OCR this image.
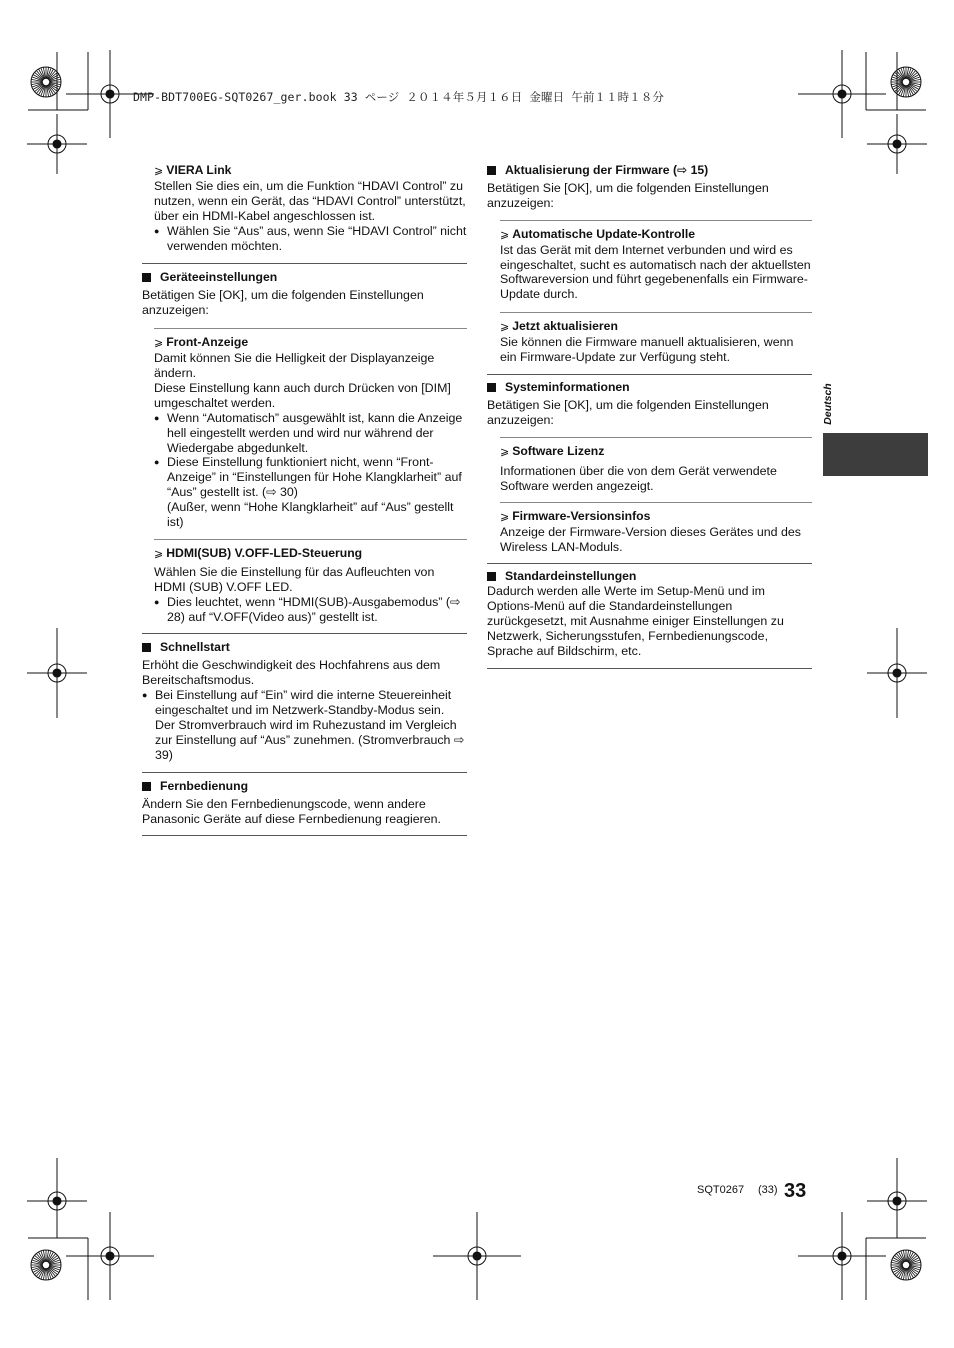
DMP-BDT700EG-SQT0267_ger.book 33 ページ ２０１４年５月１６日 金曜日 午前１１時１８分
Deutsch
⩾ VIERA Link

Stellen Sie dies ein, um die Funktion “HDAVI Control” zu nutzen, wenn ein Gerät, das “HDAVI Control” unterstützt, über ein HDMI-Kabel angeschlossen ist.

● Wählen Sie “Aus” aus, wenn Sie “HDAVI Control” nicht verwenden möchten.
Geräteeinstellungen

Betätigen Sie [OK], um die folgenden Einstellungen anzuzeigen:

⩾ Front-Anzeige

Damit können Sie die Helligkeit der Displayanzeige ändern.

Diese Einstellung kann auch durch Drücken von [DIM] umgeschaltet werden.

● Wenn “Automatisch” ausgewählt ist, kann die Anzeige hell eingestellt werden und wird nur während der Wiedergabe abgedunkelt.
● Diese Einstellung funktioniert nicht, wenn “Front-Anzeige” in “Einstellungen für Hohe Klangklarheit” auf “Aus” gestellt ist. (⇨ 30)
(Außer, wenn “Hohe Klangklarheit” auf “Aus” gestellt ist)
⩾ HDMI(SUB) V.OFF-LED-Steuerung

Wählen Sie die Einstellung für das Aufleuchten von HDMI (SUB) V.OFF LED.

● Dies leuchtet, wenn “HDMI(SUB)-Ausgabemodus” (⇨ 28) auf “V.OFF(Video aus)” gestellt ist.
Schnellstart

Erhöht die Geschwindigkeit des Hochfahrens aus dem Bereitschaftsmodus.

● Bei Einstellung auf “Ein” wird die interne Steuereinheit eingeschaltet und im Netzwerk-Standby-Modus sein. Der Stromverbrauch wird im Ruhezustand im Vergleich zur Einstellung auf “Aus” zunehmen. (Stromverbrauch ⇨ 39)
Fernbedienung

Ändern Sie den Fernbedienungscode, wenn andere Panasonic Geräte auf diese Fernbedienung reagieren.

Aktualisierung der Firmware (⇨ 15)

Betätigen Sie [OK], um die folgenden Einstellungen anzuzeigen:

⩾ Automatische Update-Kontrolle

Ist das Gerät mit dem Internet verbunden und wird es eingeschaltet, sucht es automatisch nach der aktuellsten Softwareversion und führt gegebenenfalls ein Firmware-Update durch.

⩾ Jetzt aktualisieren

Sie können die Firmware manuell aktualisieren, wenn ein Firmware-Update zur Verfügung steht.

Systeminformationen

Betätigen Sie [OK], um die folgenden Einstellungen anzuzeigen:

⩾ Software Lizenz

Informationen über die von dem Gerät verwendete Software werden angezeigt.

⩾ Firmware-Versionsinfos

Anzeige der Firmware-Version dieses Gerätes und des Wireless LAN-Moduls.

Standardeinstellungen

Dadurch werden alle Werte im Setup-Menü und im Options-Menü auf die Standardeinstellungen zurückgesetzt, mit Ausnahme einiger Einstellungen zu Netzwerk, Sicherungsstufen, Fernbedienungscode, Sprache auf Bildschirm, etc.

SQT0267 (33) 33
